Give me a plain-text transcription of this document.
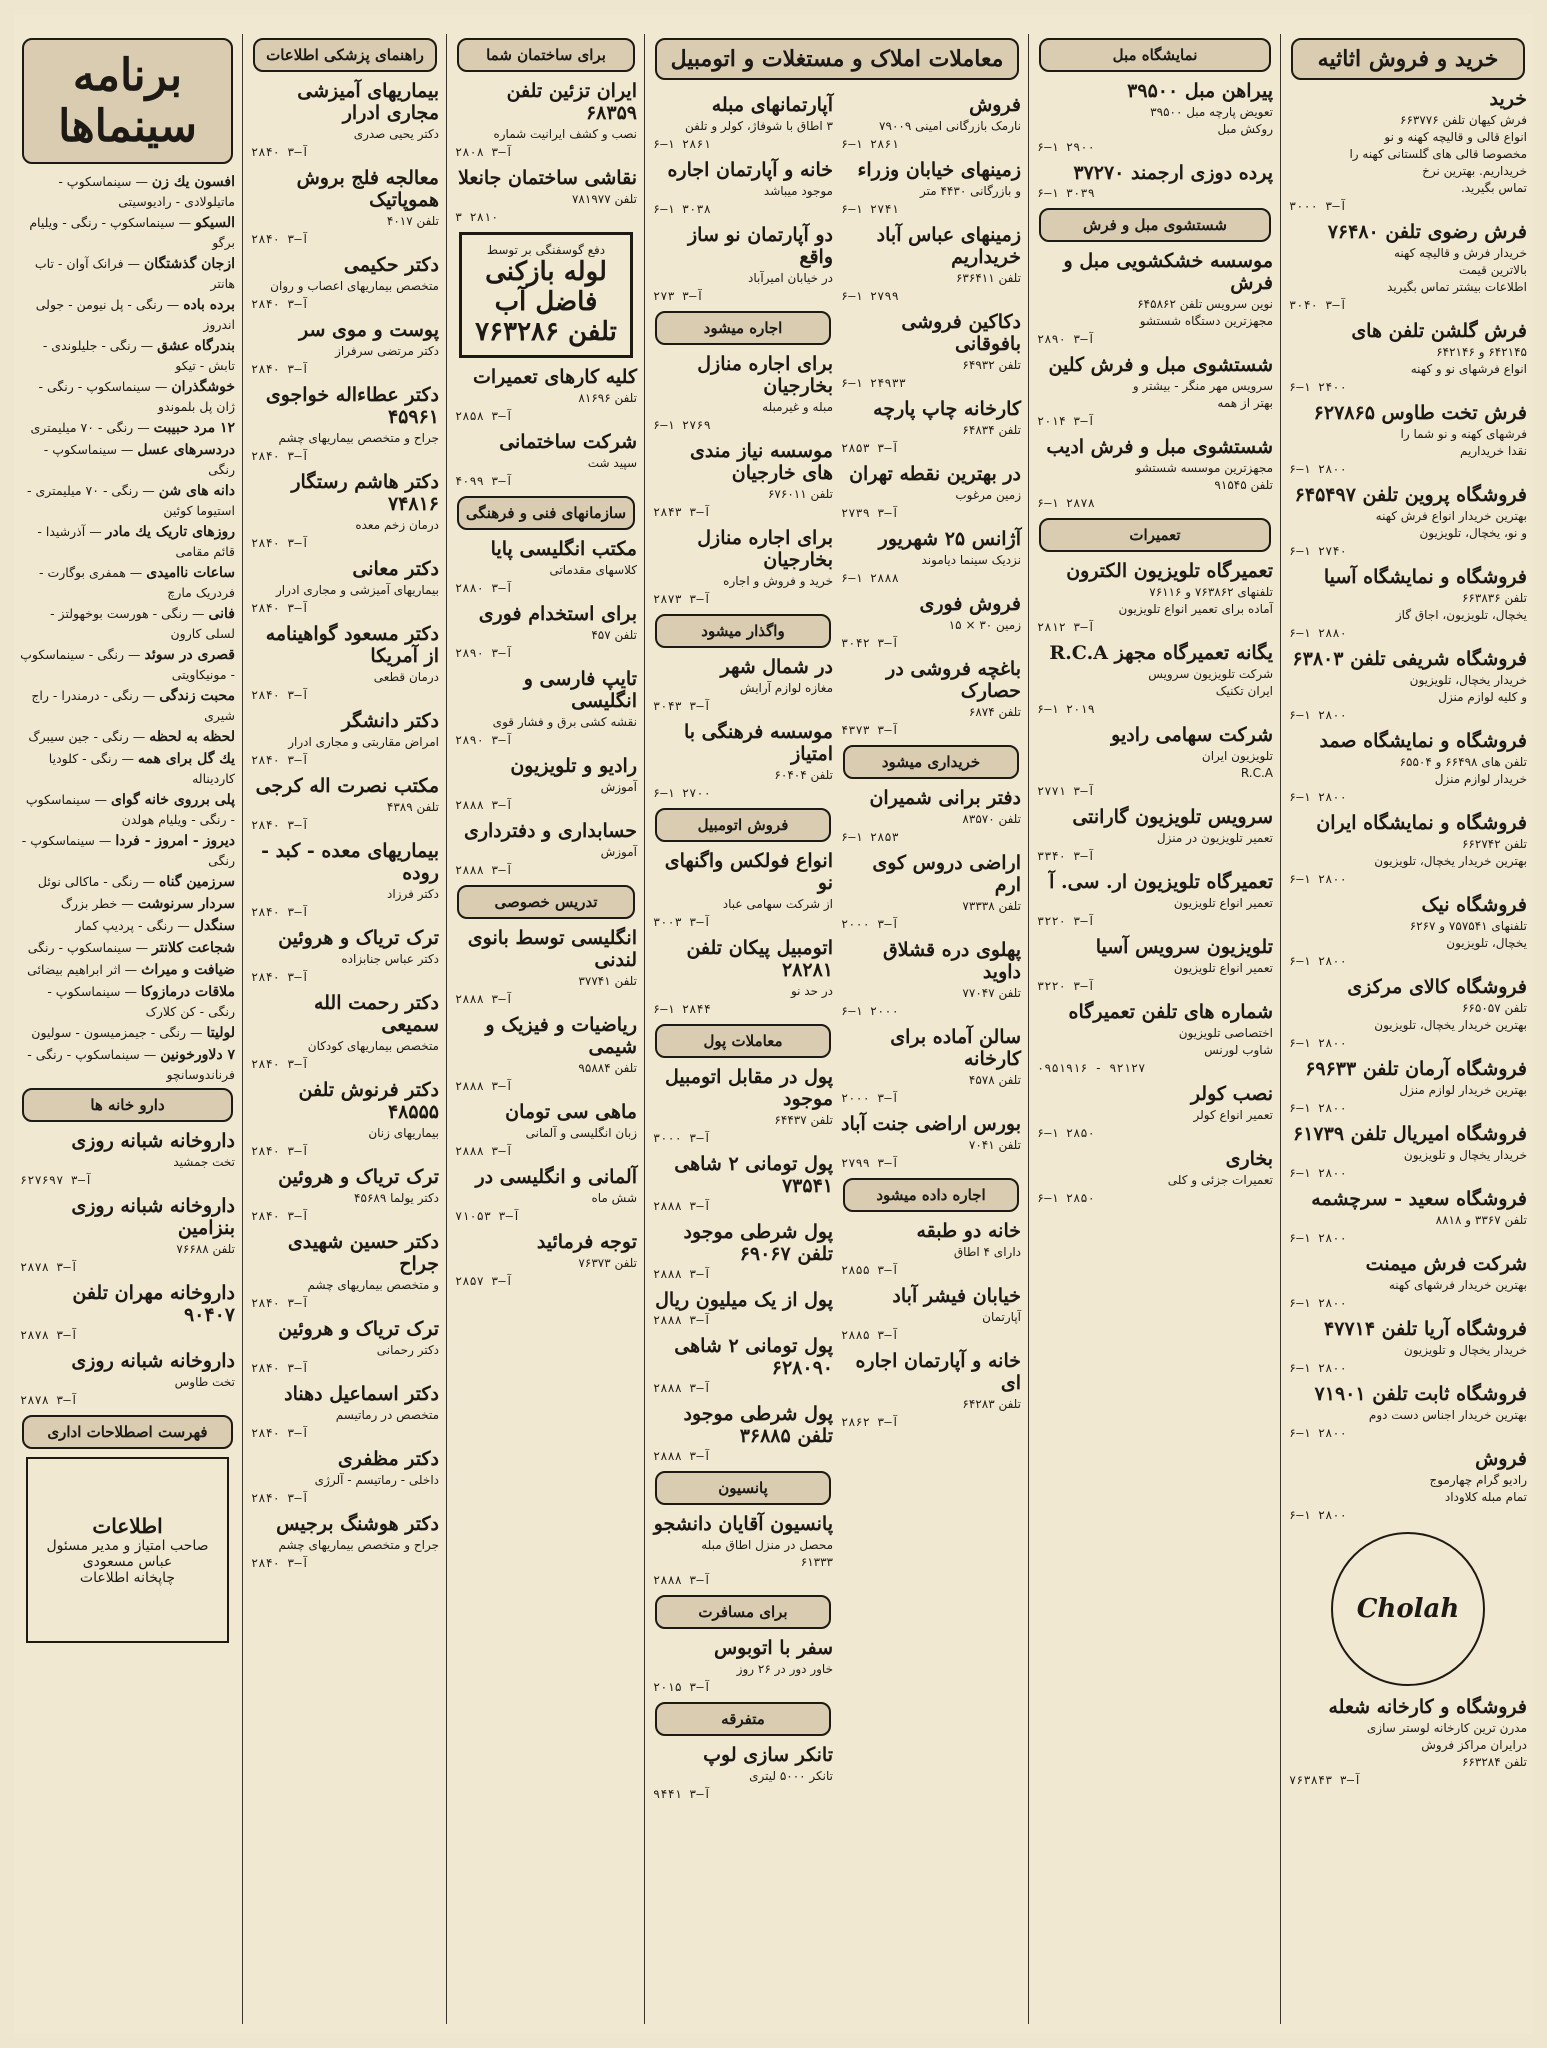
خرید و فروش اثاثیه
خرید
فرش کیهان تلفن ۶۶۳۷۷۶
انواع قالی و قالیچه کهنه و نو
مخصوصا قالی های گلستانی کهنه را
خریداریم. بهترین نرخ
تماس بگیرید.
آ—۳ ۳۰۰۰
فرش رضوی تلفن ۷۶۴۸۰
خریدار فرش و قالیچه کهنه
بالاترین قیمت
اطلاعات بیشتر تماس بگیرید
آ—۳ ۳۰۴۰
فرش گلشن تلفن های
۶۴۲۱۴۵ و ۶۴۲۱۴۶
انواع فرشهای نو و کهنه
۶—۱ ۲۴۰۰
فرش تخت طاوس ۶۲۷۸۶۵
فرشهای کهنه و نو شما را
نقدا خریداریم
۶—۱ ۲۸۰۰
فروشگاه پروین تلفن ۶۴۵۴۹۷
بهترین خریدار انواع فرش کهنه
و نو، یخچال، تلویزیون
۶—۱ ۲۷۴۰
فروشگاه و نمایشگاه آسیا
تلفن ۶۶۳۸۳۶
یخچال، تلویزیون، اجاق گاز
۶—۱ ۲۸۸۰
فروشگاه شریفی تلفن ۶۳۸۰۳
خریدار یخچال، تلویزیون
و کلیه لوازم منزل
۶—۱ ۲۸۰۰
فروشگاه و نمایشگاه صمد
تلفن های ۶۶۴۹۸ و ۶۵۵۰۴
خریدار لوازم منزل
۶—۱ ۲۸۰۰
فروشگاه و نمایشگاه ایران
تلفن ۶۶۲۷۴۲
بهترین خریدار یخچال، تلویزیون
۶—۱ ۲۸۰۰
فروشگاه نیک
تلفنهای ۷۵۷۵۴۱ و ۶۲۶۷
یخچال، تلویزیون
۶—۱ ۲۸۰۰
فروشگاه کالای مرکزی
تلفن ۶۶۵۰۵۷
بهترین خریدار یخچال، تلویزیون
۶—۱ ۲۸۰۰
فروشگاه آرمان تلفن ۶۹۶۳۳
بهترین خریدار لوازم منزل
۶—۱ ۲۸۰۰
فروشگاه امیریال تلفن ۶۱۷۳۹
خریدار یخچال و تلویزیون
۶—۱ ۲۸۰۰
فروشگاه سعید - سرچشمه
تلفن ۳۳۶۷ و ۸۸۱۸
۶—۱ ۲۸۰۰
شرکت فرش میمنت
بهترین خریدار فرشهای کهنه
۶—۱ ۲۸۰۰
فروشگاه آریا تلفن ۴۷۷۱۴
خریدار یخچال و تلویزیون
۶—۱ ۲۸۰۰
فروشگاه ثابت تلفن ۷۱۹۰۱
بهترین خریدار اجناس دست دوم
۶—۱ ۲۸۰۰
فروش
رادیو گرام چهارموج
تمام مبله کلاوداد
۶—۱ ۲۸۰۰
Cholah
فروشگاه و کارخانه شعله
مدرن ترین کارخانه لوستر سازی
درایران مراکز فروش
تلفن ۶۶۳۲۸۴
آ—۳ ۷۶۳۸۴۳
نمایشگاه مبل
پیراهن مبل ۳۹۵۰۰
تعویض پارچه مبل ۳۹۵۰۰
روکش مبل
۶—۱ ۲۹۰۰
پرده دوزی ارجمند ۳۷۲۷۰
۶—۱ ۳۰۳۹
شستشوی مبل و فرش
موسسه خشکشویی مبل و فرش
نوین سرویس تلفن ۶۴۵۸۶۲
مجهزترین دستگاه شستشو
آ—۳ ۲۸۹۰
شستشوی مبل و فرش کلین
سرویس مهر منگر - بیشتر و
بهتر از همه
آ—۳ ۲۰۱۴
شستشوی مبل و فرش ادیب
مجهزترین موسسه شستشو
تلفن ۹۱۵۴۵
۶—۱ ۲۸۷۸
تعمیرات
تعمیرگاه تلویزیون الکترون
تلفنهای ۷۶۳۸۶۲ و ۷۶۱۱۶
آماده برای تعمیر انواع تلویزیون
آ—۳ ۲۸۱۲
یگانه تعمیرگاه مجهز R.C.A
شرکت تلویزیون سرویس
ایران تکنیک
۶—۱ ۲۰۱۹
شرکت سهامی رادیو
تلویزیون ایران
R.C.A
آ—۳ ۲۷۷۱
سرویس تلویزیون گارانتی
تعمیر تلویزیون در منزل
آ—۳ ۳۳۴۰
تعمیرگاه تلویزیون ار. سی. آ
تعمیر انواع تلویزیون
آ—۳ ۳۲۲۰
تلویزیون سرویس آسیا
تعمیر انواع تلویزیون
آ—۳ ۳۲۲۰
شماره های تلفن تعمیرگاه
اختصاصی تلویزیون
شاوب لورنس
۰۹۵۱۹۱۶ - ۹۲۱۲۷
نصب کولر
تعمیر انواع کولر
۶—۱ ۲۸۵۰
بخاری
تعمیرات جزئی و کلی
۶—۱ ۲۸۵۰
معاملات املاک و مستغلات و اتومبیل
فروش
نارمک بازرگانی امینی ۷۹۰۰۹
۶—۱ ۲۸۶۱
زمینهای خیابان وزراء
و بازرگانی ۴۴۳۰ متر
۶—۱ ۲۷۴۱
زمینهای عباس آباد خریداریم
تلفن ۶۳۶۴۱۱
۶—۱ ۲۷۹۹
دکاکین فروشی بافوقانی
تلفن ۶۴۹۳۲
۶—۱ ۲۴۹۳۳
کارخانه چاپ پارچه
تلفن ۶۴۸۳۴
آ—۳ ۲۸۵۳
در بهترین نقطه تهران
زمین مرغوب
آ—۳ ۲۷۳۹
آژانس ۲۵ شهریور
نزدیک سینما دیاموند
۶—۱ ۲۸۸۸
فروش فوری
زمین ۳۰ × ۱۵
آ—۳ ۳۰۴۲
باغچه فروشی در حصارک
تلفن ۶۸۷۴
آ—۳ ۴۳۷۳
خریداری میشود
دفتر برانی شمیران
تلفن ۸۳۵۷۰
۶—۱ ۲۸۵۳
اراضی دروس کوی ارم
تلفن ۷۳۳۳۸
آ—۳ ۲۰۰۰
پهلوی دره قشلاق داوید
تلفن ۷۷۰۴۷
۶—۱ ۲۰۰۰
سالن آماده برای کارخانه
تلفن ۴۵۷۸
آ—۳ ۲۰۰۰
بورس اراضی جنت آباد
تلفن ۷۰۴۱
آ—۳ ۲۷۹۹
اجاره داده میشود
خانه دو طبقه
دارای ۴ اطاق
آ—۳ ۲۸۵۵
خیابان فیشر آباد
آپارتمان
آ—۳ ۲۸۸۵
خانه و آپارتمان اجاره ای
تلفن ۶۴۲۸۳
آ—۳ ۲۸۶۲
آپارتمانهای مبله
۳ اطاق با شوفاژ، کولر و تلفن
۶—۱ ۲۸۶۱
خانه و آپارتمان اجاره
موجود میباشد
۶—۱ ۳۰۳۸
دو آپارتمان نو ساز واقع
در خیابان امیرآباد
آ—۳ ۲۷۳
اجاره میشود
برای اجاره منازل بخارجیان
مبله و غیرمبله
۶—۱ ۲۷۶۹
موسسه نیاز مندی های خارجیان
تلفن ۶۷۶۰۱۱
آ—۳ ۲۸۴۳
برای اجاره منازل بخارجیان
خرید و فروش و اجاره
آ—۳ ۲۸۷۳
واگذار میشود
در شمال شهر
مغازه لوازم آرایش
آ—۳ ۳۰۴۳
موسسه فرهنگی با امتیاز
تلفن ۶۰۴۰۴
۶—۱ ۲۷۰۰
فروش اتومبیل
انواع فولکس واگنهای نو
از شرکت سهامی عباد
آ—۳ ۳۰۰۳
اتومبیل پیکان تلفن ۲۸۲۸۱
در حد نو
۶—۱ ۲۸۴۴
معاملات پول
پول در مقابل اتومبیل موجود
تلفن ۶۴۴۳۷
آ—۳ ۳۰۰۰
پول تومانی ۲ شاهی ۷۳۵۴۱
آ—۳ ۲۸۸۸
پول شرطی موجود تلفن ۶۹۰۶۷
آ—۳ ۲۸۸۸
پول از یک میلیون ریال
آ—۳ ۲۸۸۸
پول تومانی ۲ شاهی ۶۲۸۰۹۰
آ—۳ ۲۸۸۸
پول شرطی موجود تلفن ۳۶۸۸۵
آ—۳ ۲۸۸۸
پانسیون
پانسیون آقایان دانشجو
محصل در منزل اطاق مبله
۶۱۳۳۳
آ—۳ ۲۸۸۸
برای مسافرت
سفر با اتوبوس
خاور دور در ۲۶ روز
آ—۳ ۲۰۱۵
متفرقه
تانکر سازی لوپ
تانکر ۵۰۰۰ لیتری
آ—۳ ۹۴۴۱
برای ساختمان شما
ایران تزئین تلفن ۶۸۳۵۹
نصب و کشف ایرانیت شماره
آ—۳ ۲۸۰۸
نقاشی ساختمان جانعلا
تلفن ۷۸۱۹۷۷
۳ ۲۸۱۰
دفع گوسفنگی بر توسط
لوله بازکنی فاضل آب
تلفن ۷۶۳۲۸۶
کلیه کارهای تعمیرات
تلفن ۸۱۶۹۶
آ—۳ ۲۸۵۸
شرکت ساختمانی
سپید شت
آ—۳ ۴۰۹۹
سازمانهای فنی و فرهنگی
مکتب انگلیسی پایا
کلاسهای مقدماتی
آ—۳ ۲۸۸۰
برای استخدام فوری
تلفن ۴۵۷
آ—۳ ۲۸۹۰
تایپ فارسی و انگلیسی
نقشه کشی برق و فشار قوی
آ—۳ ۲۸۹۰
رادیو و تلویزیون
آموزش
آ—۳ ۲۸۸۸
حسابداری و دفترداری
آموزش
آ—۳ ۲۸۸۸
تدریس خصوصی
انگلیسی توسط بانوی لندنی
تلفن ۳۷۷۴۱
آ—۳ ۲۸۸۸
ریاضیات و فیزیک و شیمی
تلفن ۹۵۸۸۴
آ—۳ ۲۸۸۸
ماهی سی تومان
زبان انگلیسی و آلمانی
آ—۳ ۲۸۸۸
آلمانی و انگلیسی در
شش ماه
آ—۳ ۷۱۰۵۳
توجه فرمائید
تلفن ۷۶۳۷۳
آ—۳ ۲۸۵۷
راهنمای پزشکی اطلاعات
بیماریهای آمیزشی مجاری ادرار
دکتر یحیی صدری
آ—۳ ۲۸۴۰
معالجه فلج بروش هموپاتیک
تلفن ۴۰۱۷
آ—۳ ۲۸۴۰
دکتر حکیمی
متخصص بیماریهای اعصاب و روان
آ—۳ ۲۸۴۰
پوست و موی سر
دکتر مرتضی سرفراز
آ—۳ ۲۸۴۰
دکتر عطاءاله خواجوی ۴۵۹۶۱
جراح و متخصص بیماریهای چشم
آ—۳ ۲۸۴۰
دکتر هاشم رستگار ۷۴۸۱۶
درمان زخم معده
آ—۳ ۲۸۴۰
دکتر معانی
بیماریهای آمیزشی و مجاری ادرار
آ—۳ ۲۸۴۰
دکتر مسعود گواهینامه از آمریکا
درمان قطعی
آ—۳ ۲۸۴۰
دکتر دانشگر
امراض مقاربتی و مجاری ادرار
آ—۳ ۲۸۴۰
مکتب نصرت اله کرجی
تلفن ۴۳۸۹
آ—۳ ۲۸۴۰
بیماریهای معده - کبد - روده
دکتر فرزاد
آ—۳ ۲۸۴۰
ترک تریاک و هروئین
دکتر عباس جنابزاده
آ—۳ ۲۸۴۰
دکتر رحمت الله سمیعی
متخصص بیماریهای کودکان
آ—۳ ۲۸۴۰
دکتر فرنوش تلفن ۴۸۵۵۵
بیماریهای زنان
آ—۳ ۲۸۴۰
ترک تریاک و هروئین
دکتر یولما ۴۵۶۸۹
آ—۳ ۲۸۴۰
دکتر حسین شهیدی جراح
و متخصص بیماریهای چشم
آ—۳ ۲۸۴۰
ترک تریاک و هروئین
دکتر رحمانی
آ—۳ ۲۸۴۰
دکتر اسماعیل دهناد
متخصص در رماتیسم
آ—۳ ۲۸۴۰
دکتر مظفری
داخلی - رماتیسم - آلرژی
آ—۳ ۲۸۴۰
دکتر هوشنگ برجیس
جراح و متخصص بیماریهای چشم
آ—۳ ۲۸۴۰
برنامه سینماها
افسون یك زن — سینماسکوپ - ماتیلولادی - رادیوسیتی
السیکو — سینماسکوپ - رنگی - ویلیام برگو
ازجان گذشتگان — فرانک آوان - تاب هانتر
برده باده — رنگی - پل نیومن - جولی اندروز
بندرگاه عشق — رنگی - جلیلوندی - تابش - تیکو
خوشگذران — سینماسکوپ - رنگی - ژان پل بلموندو
۱۲ مرد حبیبت — رنگی - ۷۰ میلیمتری
دردسرهای عسل — سینماسکوپ - رنگی
دانه های شن — رنگی - ۷۰ میلیمتری - استیوما کوئین
روزهای تاریک یك مادر — آذرشیدا - قائم مقامی
ساعات ناامیدی — همفری بوگارت - فردریک مارچ
فانی — رنگی - هورست بوخهولتز - لسلی کارون
قصری در سوئد — رنگی - سینماسکوپ - مونیکاویتی
محبت زندگی — رنگی - درمندرا - راج شیری
لحظه به لحظه — رنگی - جین سیبرگ
یك گل برای همه — رنگی - کلودیا کاردیناله
پلی برروی خانه گوای — سینماسکوپ - رنگی - ویلیام هولدن
دیروز - امروز - فردا — سینماسکوپ - رنگی
سرزمین گناه — رنگی - ماکالی نوئل
سردار سرنوشت — خطر بزرگ
سنگدل — رنگی - پردیپ کمار
شجاعت کلانتر — سینماسکوپ - رنگی
ضیافت و میراث — اثر ابراهیم بیضائی
ملاقات درمازوکا — سینماسکوپ - رنگی - کن کلارک
لولیتا — رنگی - جیمزمیسون - سولیون
۷ دلاورخونین — سینماسکوپ - رنگی - فرناندوسانچو
دارو خانه ها
داروخانه شبانه روزی
تخت جمشید
آ—۳ ۶۲۷۶۹۷
داروخانه شبانه روزی بنزامین
تلفن ۷۶۶۸۸
آ—۳ ۲۸۷۸
داروخانه مهران تلفن ۹۰۴۰۷
آ—۳ ۲۸۷۸
داروخانه شبانه روزی
تخت طاوس
آ—۳ ۲۸۷۸
فهرست اصطلاحات اداری
اطلاعات
صاحب امتیاز و مدیر مسئول
عباس مسعودی
چاپخانه اطلاعات
